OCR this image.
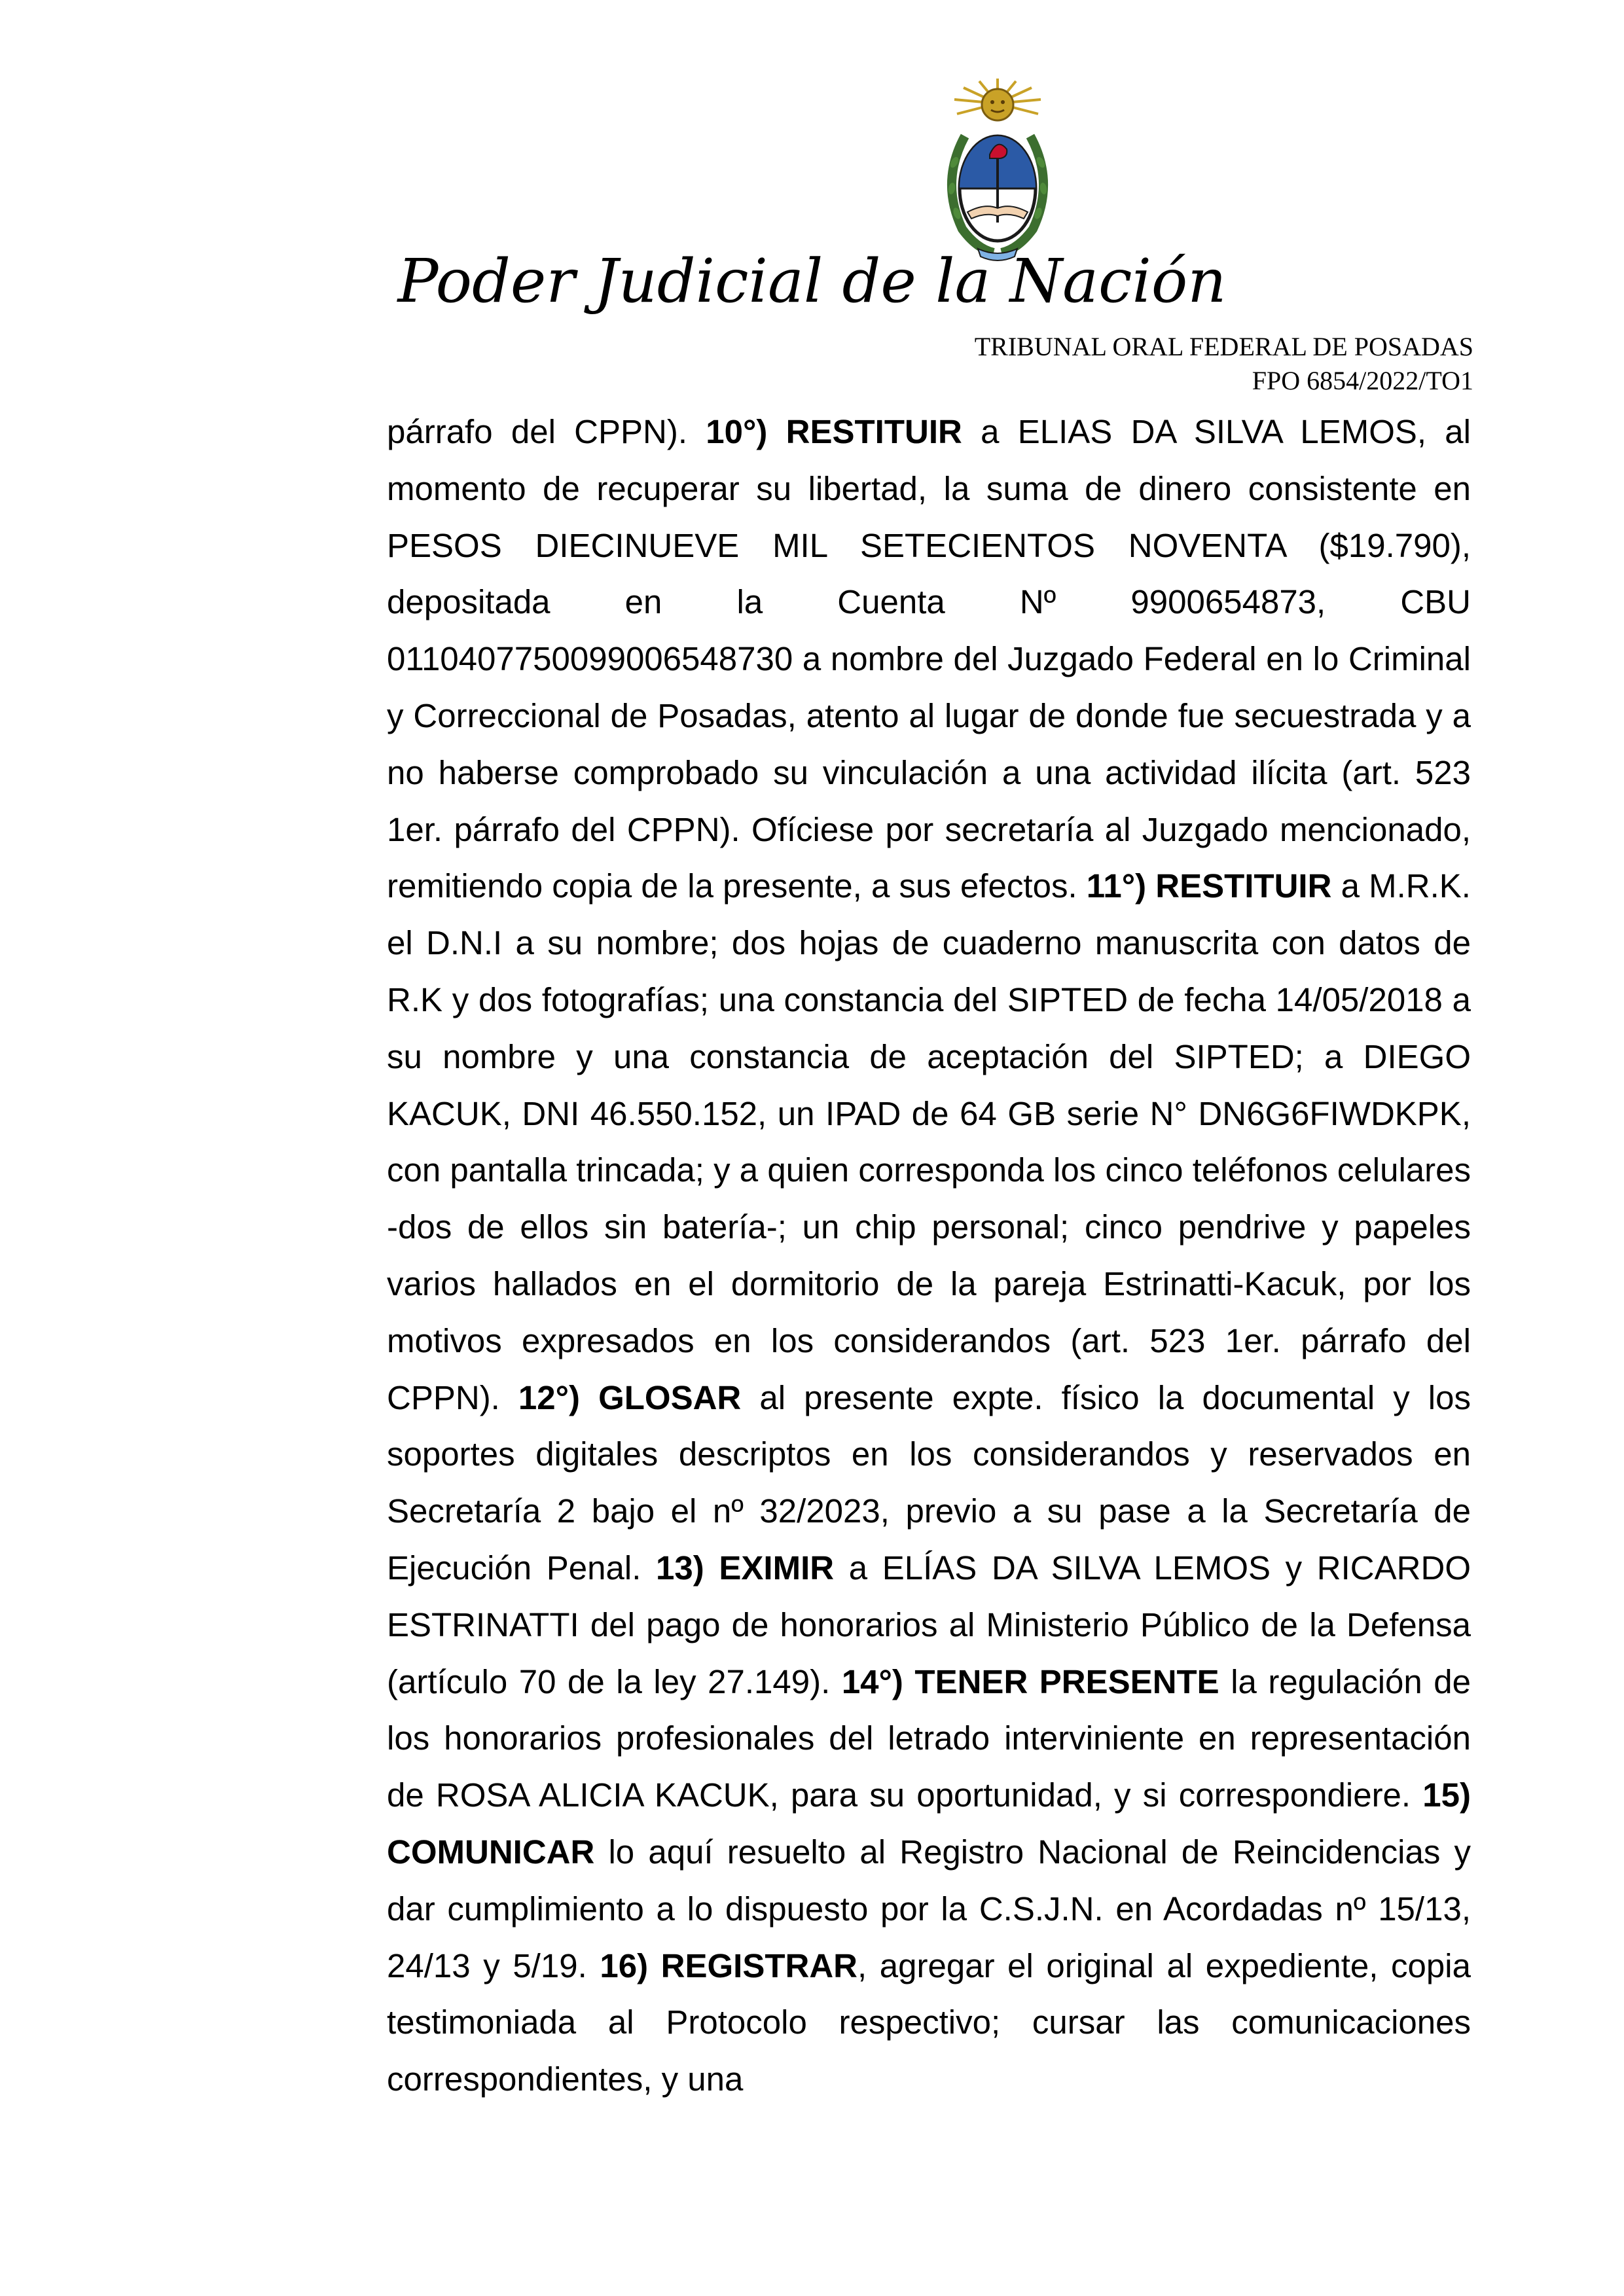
Poder Judicial de la Nación
TRIBUNAL ORAL FEDERAL DE POSADAS
FPO 6854/2022/TO1
párrafo del CPPN). 10°) RESTITUIR a ELIAS DA SILVA LEMOS, al momento de recuperar su libertad, la suma de dinero consistente en PESOS DIECINUEVE MIL SETECIENTOS NOVENTA ($19.790), depositada en la Cuenta Nº 9900654873, CBU 0110407750099006548730 a nombre del Juzgado Federal en lo Criminal y Correccional de Posadas, atento al lugar de donde fue secuestrada y a no haberse comprobado su vinculación a una actividad ilícita (art. 523 1er. párrafo del CPPN). Ofíciese por secretaría al Juzgado mencionado, remitiendo copia de la presente, a sus efectos. 11°) RESTITUIR a M.R.K. el D.N.I a su nombre; dos hojas de cuaderno manuscrita con datos de R.K y dos fotografías; una constancia del SIPTED de fecha 14/05/2018 a su nombre y una constancia de aceptación del SIPTED; a DIEGO KACUK, DNI 46.550.152, un IPAD de 64 GB serie N° DN6G6FIWDKPK, con pantalla trincada; y a quien corresponda los cinco teléfonos celulares -dos de ellos sin batería-; un chip personal; cinco pendrive y papeles varios hallados en el dormitorio de la pareja Estrinatti-Kacuk, por los motivos expresados en los considerandos (art. 523 1er. párrafo del CPPN). 12°) GLOSAR al presente expte. físico la documental y los soportes digitales descriptos en los considerandos y reservados en Secretaría 2 bajo el nº 32/2023, previo a su pase a la Secretaría de Ejecución Penal. 13) EXIMIR a ELÍAS DA SILVA LEMOS y RICARDO ESTRINATTI del pago de honorarios al Ministerio Público de la Defensa (artículo 70 de la ley 27.149). 14°) TENER PRESENTE la regulación de los honorarios profesionales del letrado interviniente en representación de ROSA ALICIA KACUK, para su oportunidad, y si correspondiere. 15) COMUNICAR lo aquí resuelto al Registro Nacional de Reincidencias y dar cumplimiento a lo dispuesto por la C.S.J.N. en Acordadas nº 15/13, 24/13 y 5/19. 16) REGISTRAR, agregar el original al expediente, copia testimoniada al Protocolo respectivo; cursar las comunicaciones correspondientes, y una
